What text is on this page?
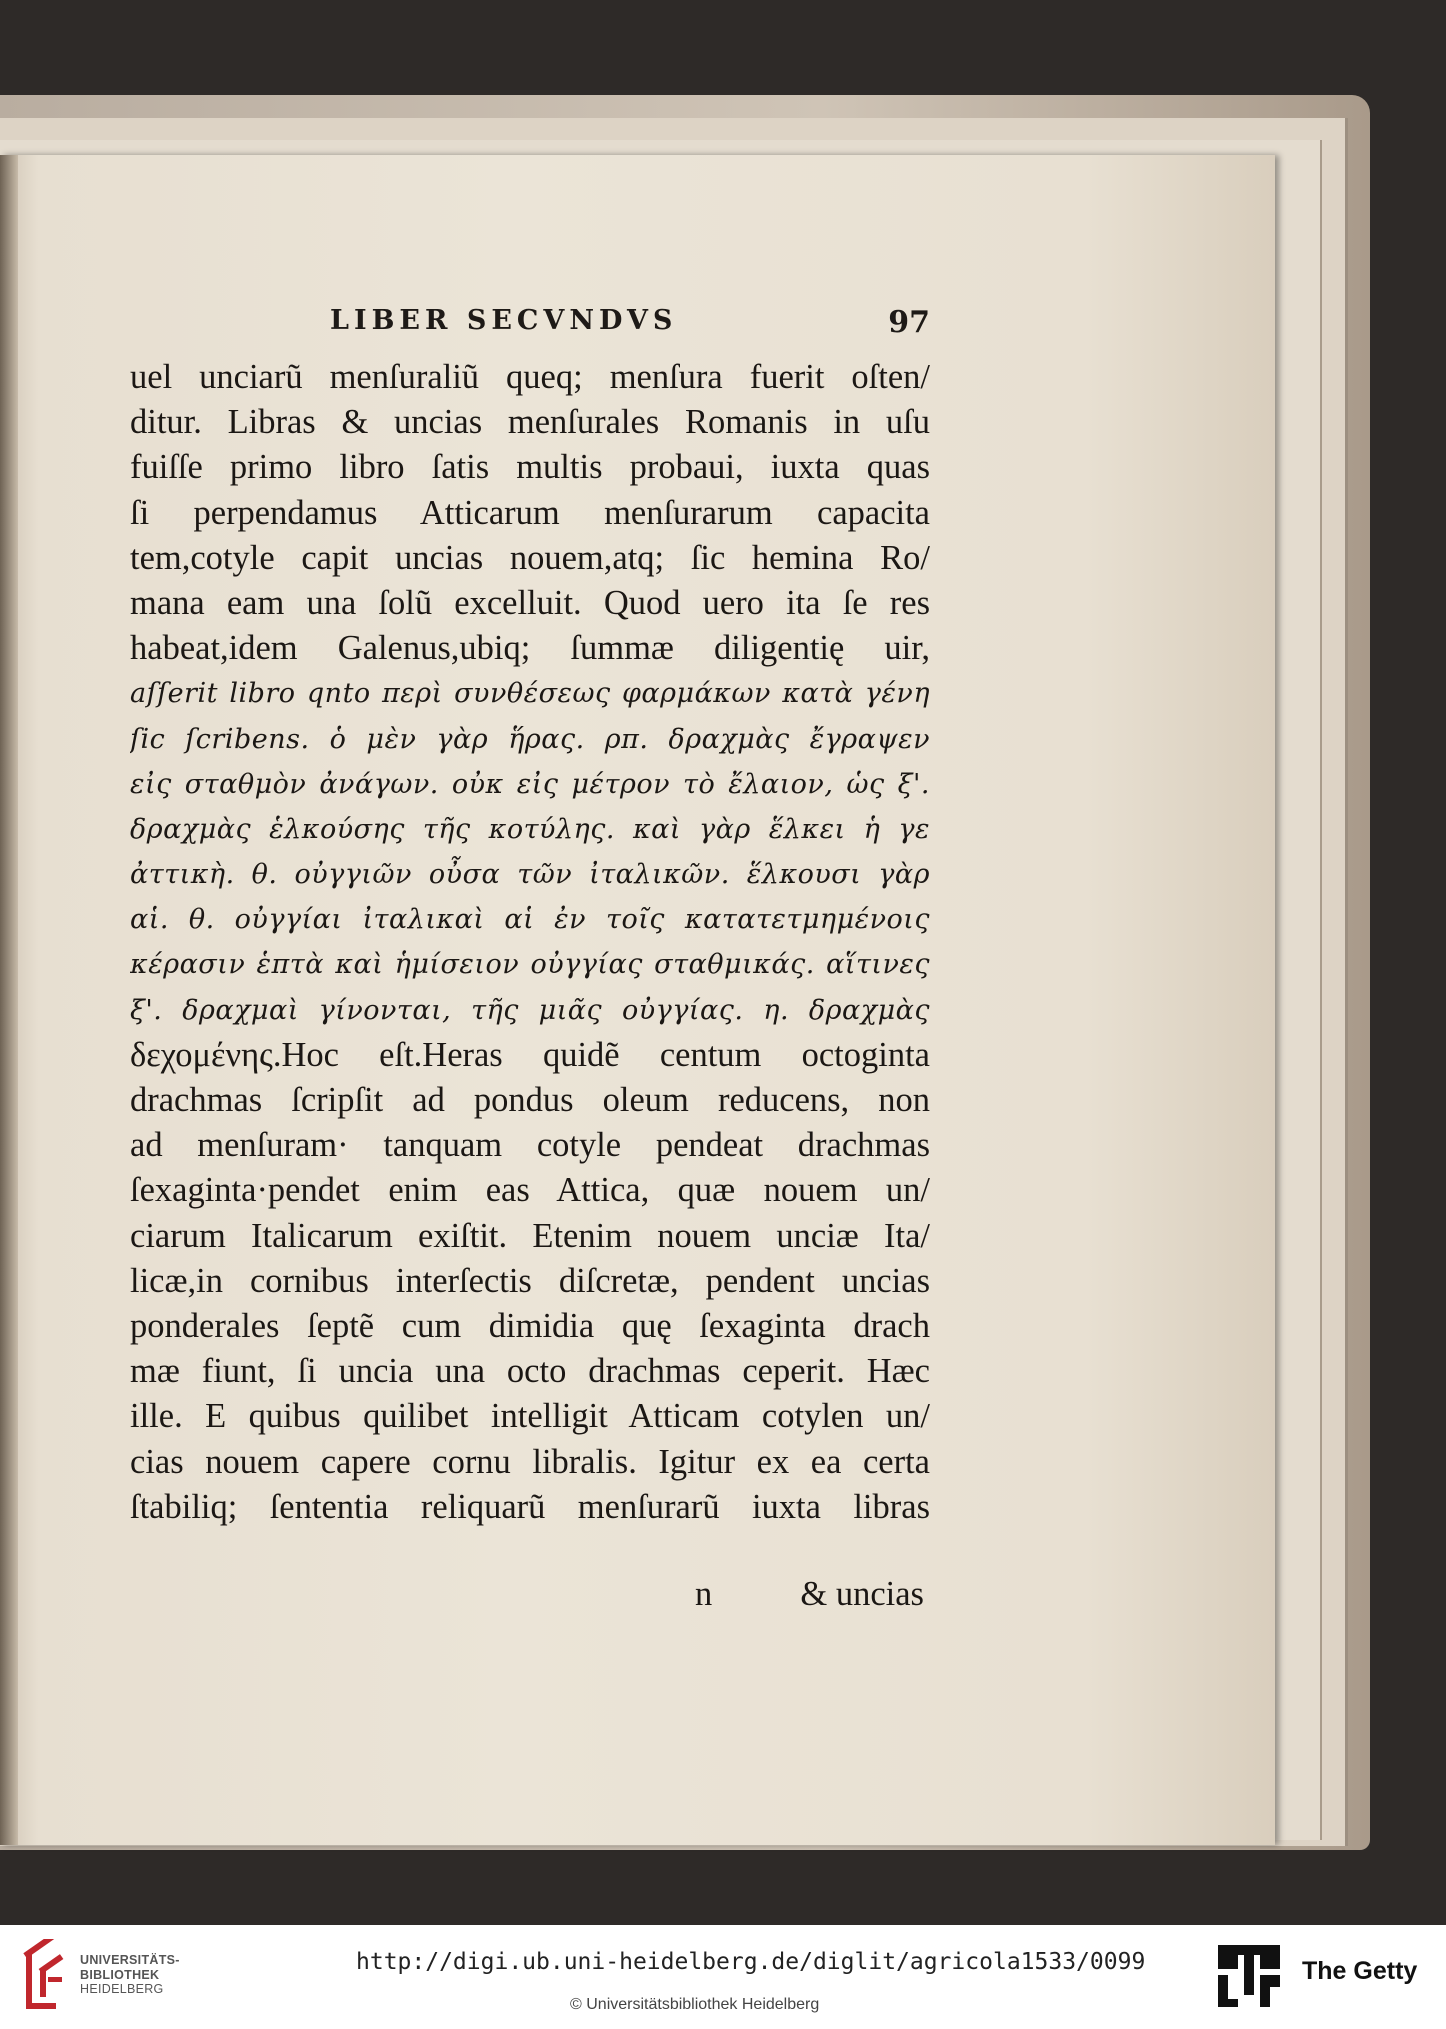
LIBER SECVNDVS	97
uel unciarũ menſuraliũ queq; menſura fuerit oſten/
ditur. Libras & uncias menſurales Romanis in uſu
fuiſſe primo libro ſatis multis probaui, iuxta quas
ſi perpendamus Atticarum menſurarum capacita
tem,cotyle capit uncias nouem,atq; ſic hemina Ro/
mana eam una ſolũ excelluit. Quod uero ita ſe res
habeat,idem Galenus,ubiq; ſummæ diligentię uir,
aſſerit libro qnto περὶ συνθέσεως φαρμάκων κατὰ γένη
ſic ſcribens. ὁ μὲν γὰρ ἥρας. ρπ. δραχμὰς ἔγραψεν
εἰς σταθμὸν ἀνάγων. οὐκ εἰς μέτρον τὸ ἔλαιον, ὡς ξ'.
δραχμὰς ἑλκούσης τῆς κοτύλης. καὶ γὰρ ἕλκει ἡ γε
ἀττικὴ. θ. οὐγγιῶν οὖσα τῶν ἰταλικῶν. ἕλκουσι γὰρ
αἱ. θ. οὐγγίαι ἰταλικαὶ αἱ ἐν τοῖς κατατετμημένοις
κέρασιν ἑπτὰ καὶ ἡμίσειον οὐγγίας σταθμικάς. αἵτινες
ξ'. δραχμαὶ γίνονται, τῆς μιᾶς οὐγγίας. η. δραχμὰς
δεχομένης.Hoc eſt.Heras quidẽ centum octoginta
drachmas ſcripſit ad pondus oleum reducens, non
ad menſuram· tanquam cotyle pendeat drachmas
ſexaginta·pendet enim eas Attica, quæ nouem un/
ciarum Italicarum exiſtit. Etenim nouem unciæ Ita/
licæ,in cornibus interſectis diſcretæ, pendent uncias
ponderales ſeptẽ cum dimidia quę ſexaginta drach
mæ fiunt, ſi uncia una octo drachmas ceperit. Hæc
ille. E quibus quilibet intelligit Atticam cotylen un/
cias nouem capere cornu libralis. Igitur ex ea certa
ſtabiliq; ſententia reliquarũ menſurarũ iuxta libras
n	& uncias
UNIVERSITÄTS-
BIBLIOTHEK
HEIDELBERG
http://digi.ub.uni-heidelberg.de/diglit/agricola1533/0099
© Universitätsbibliothek Heidelberg
The Getty
